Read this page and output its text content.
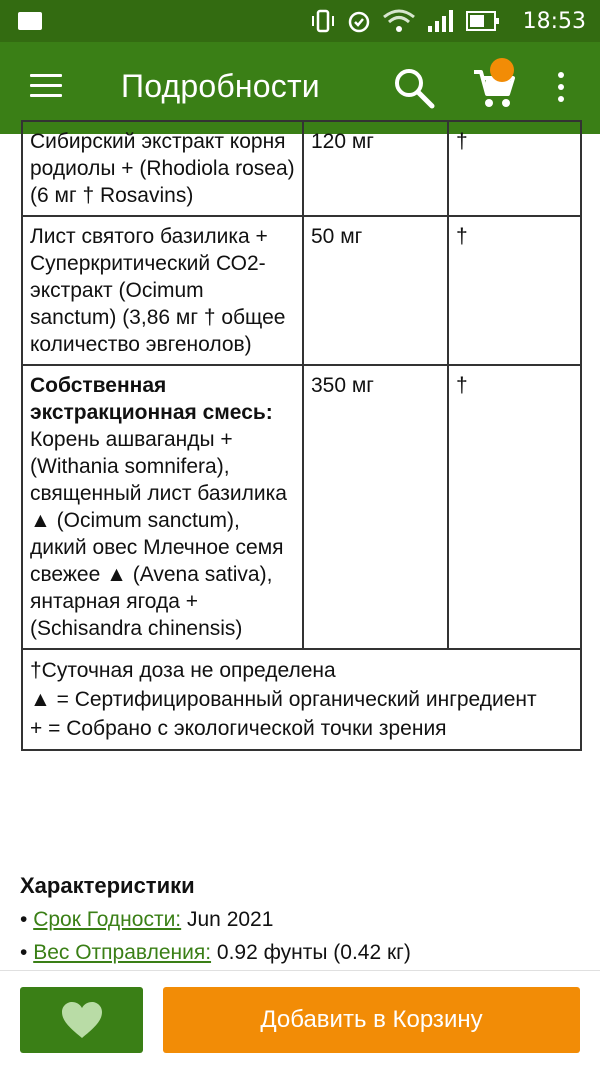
18:53
Подробности
Сибирский экстракт корня родиолы + (Rhodiola rosea) (6 мг † Rosavins)	120 мг	†
Лист святого базилика + Суперкритический СО2-экстракт (Ocimum sanctum) (3,86 мг † общее количество эвгенолов)	50 мг	†
Собственная экстракционная смесь: Корень ашваганды + (Withania somnifera), священный лист базилика ▲ (Ocimum sanctum), дикий овес Млечное семя свежее ▲ (Avena sativa), янтарная ягода + (Schisandra chinensis)	350 мг	†

†Суточная доза не определена
▲ = Сертифицированный органический ингредиент
+ = Собрано с экологической точки зрения		
Характеристики
• Срок Годности: Jun 2021
• Вес Отправления: 0.92 фунты (0.42 кг)
Добавить в Корзину
